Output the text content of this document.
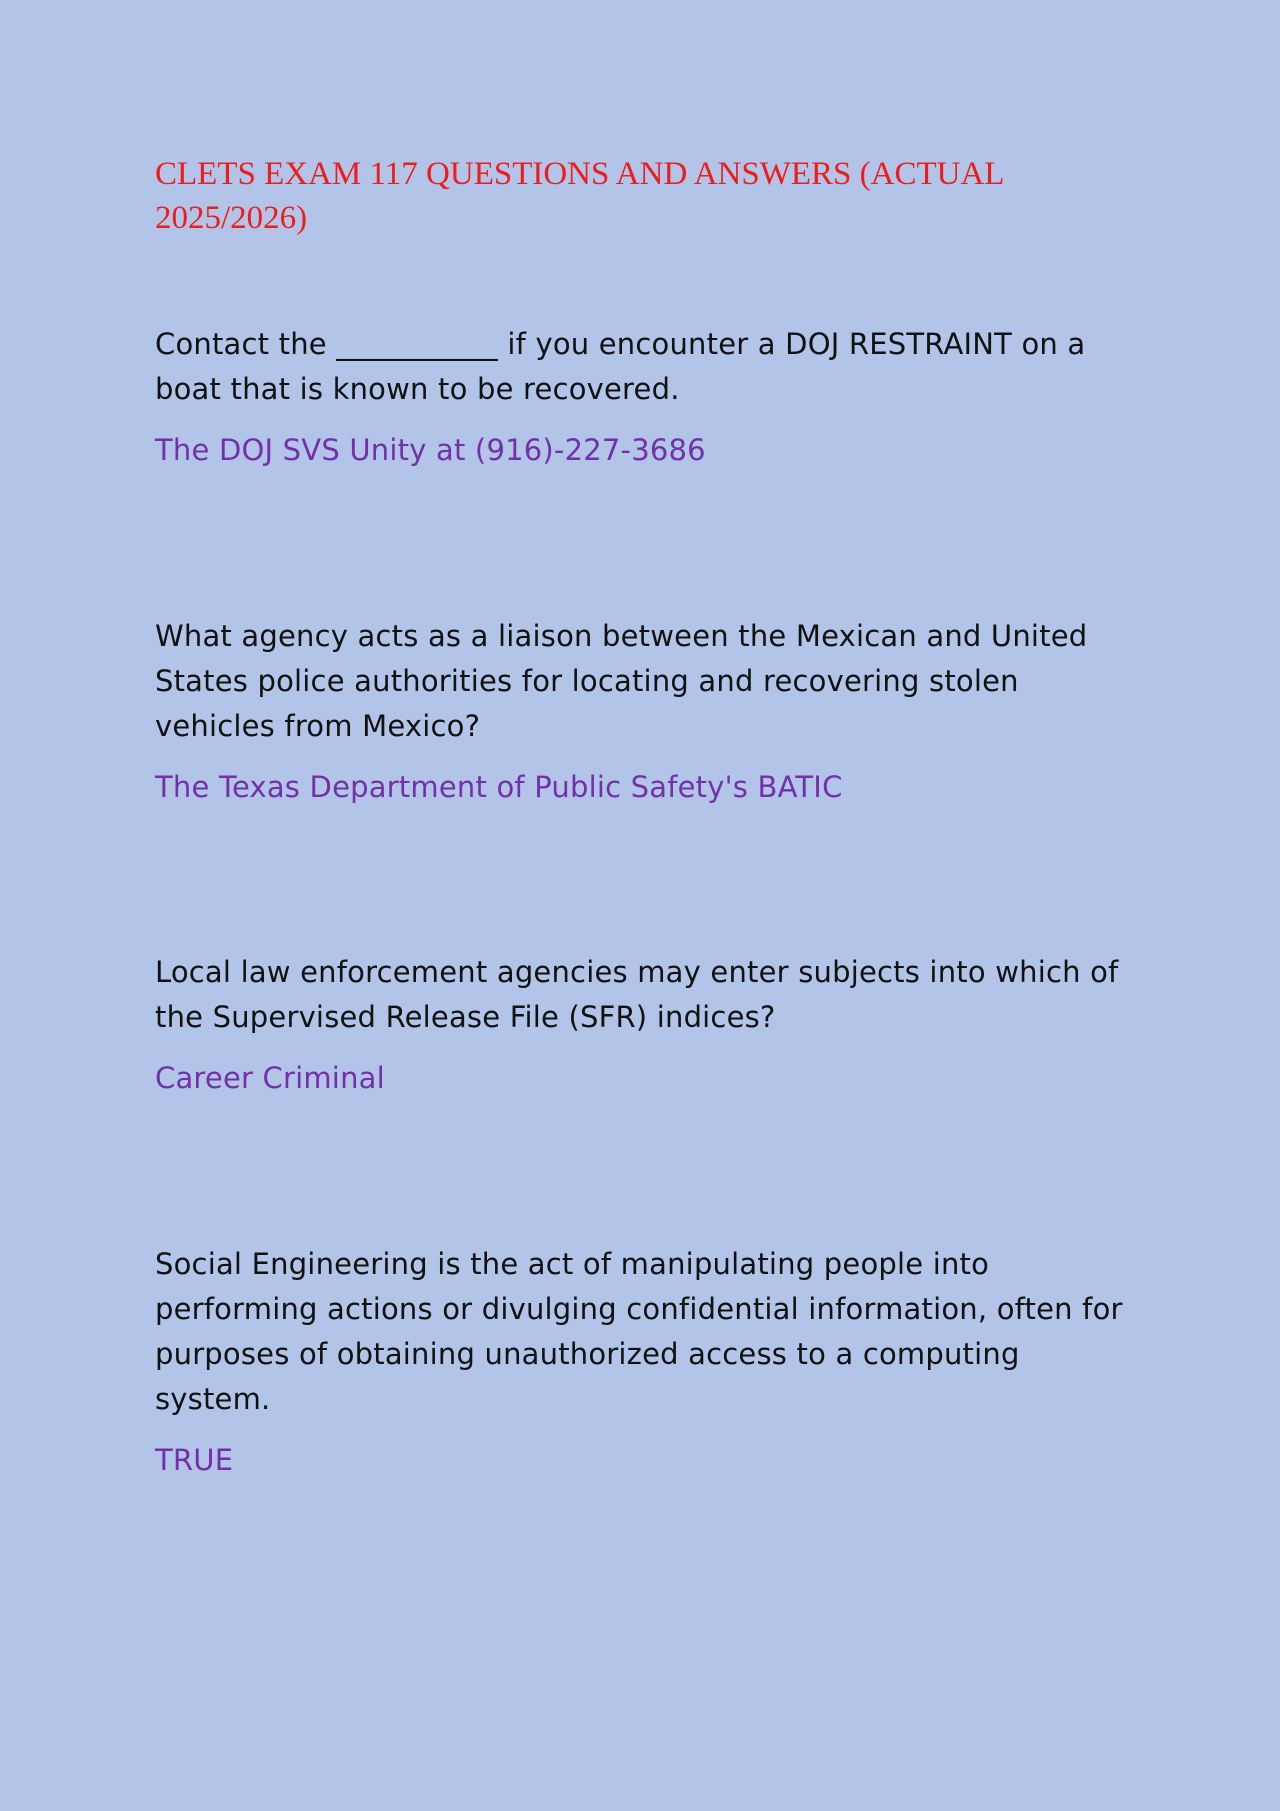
CLETS EXAM 117 QUESTIONS AND ANSWERS (ACTUAL 2025/2026)

Contact the ___________ if you encounter a DOJ RESTRAINT on a boat that is known to be recovered.

The DOJ SVS Unity at (916)-227-3686

What agency acts as a liaison between the Mexican and United States police authorities for locating and recovering stolen vehicles from Mexico?

The Texas Department of Public Safety's BATIC

Local law enforcement agencies may enter subjects into which of the Supervised Release File (SFR) indices?

Career Criminal

Social Engineering is the act of manipulating people into performing actions or divulging confidential information, often for purposes of obtaining unauthorized access to a computing system.

TRUE
